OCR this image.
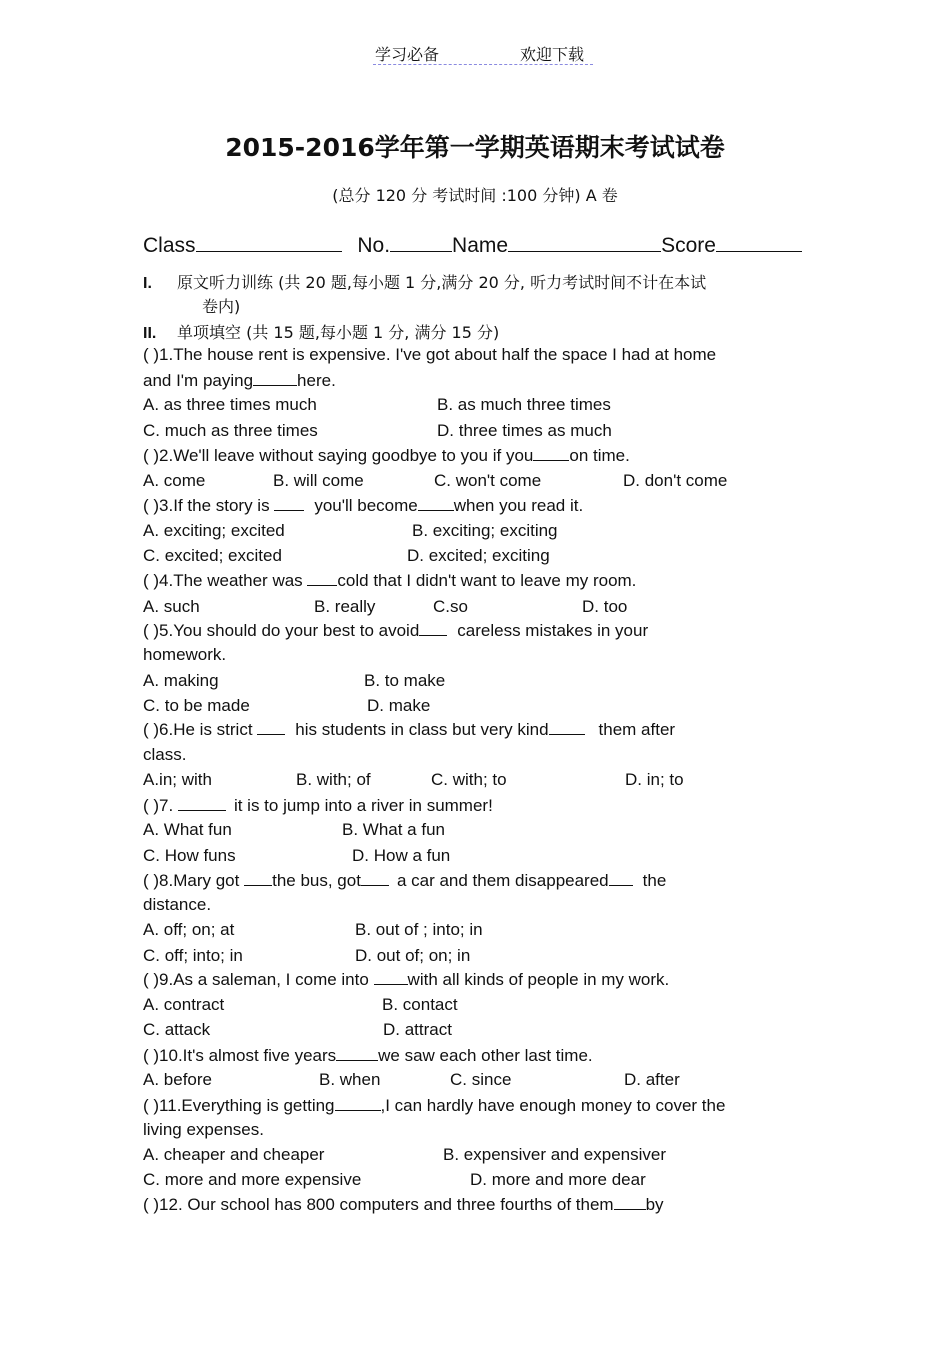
学习必备	欢迎下载
2015-2016学年第一学期英语期末考试试卷
(总分 120 分 考试时间 :100 分钟) A 卷
Class	No.	Name	Score
I. 原文听力训练 (共 20 题,每小题 1 分,满分 20 分, 听力考试时间不计在本试
卷内)
II. 单项填空 (共 15 题,每小题 1 分, 满分 15 分)
( )1.The house rent is expensive. I've got about half the space I had at home
and I'm paying	here.
A. as three times much	B. as much three times
C. much as three times	D. three times as much
( )2.We'll leave without saying goodbye to you if you on time.
A. come	B. will come	C. won't come	D. don't come
( )3.If the story is you'll become when you read it.
A. exciting; excited	B. exciting; exciting
C. excited; excited	D. excited; exciting
( )4.The weather was cold that I didn't want to leave my room.
A. such	B. really	C.so	D. too
( )5.You should do your best to avoid careless mistakes in your
homework.
A. making	B. to make
C. to be made	D. make
( )6.He is strict his students in class but very kind	them after
class.
A.in; with	B. with; of	C. with; to	D. in; to
( )7.	it is to jump into a river in summer!
A. What fun	B. What a fun
C. How funs	D. How a fun
( )8.Mary got the bus, got a car and them disappeared the
distance.
A. off; on; at	B. out of ; into; in
C. off; into; in	D. out of; on; in
( )9.As a saleman, I come into with all kinds of people in my work.
A. contract	B. contact
C. attack	D. attract
( )10.It's almost five years we saw each other last time.
A. before	B. when	C. since	D. after
( )11.Everything is getting	,I can hardly have enough money to cover the
living expenses.
A. cheaper and cheaper	B. expensiver and expensiver
C. more and more expensive	D. more and more dear
( )12. Our school has 800 computers and three fourths of them by
